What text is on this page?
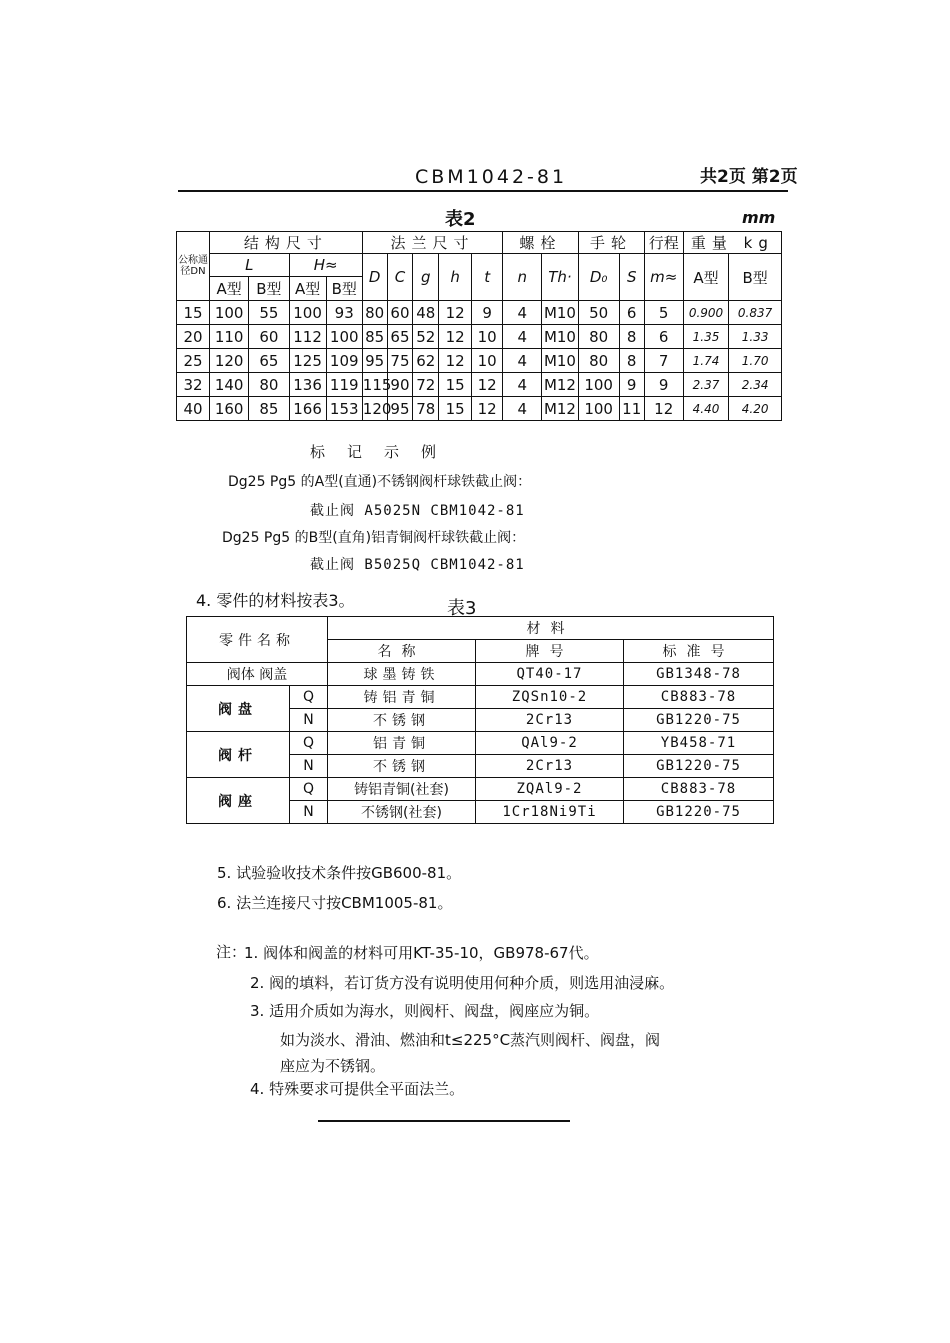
CBM1042-81	共2页 第2页
表2	mm
公称通径DN	结构尺寸				法兰尺寸					螺栓		手轮		行程	重量 kg	
	L		H≈		D	C	g	h	t	n	Th·	D₀	S	m≈	A型	B型
	A型	B型	A型	B型												
15	100	55	100	93	80	60	48	12	9	4	M10	50	6	5	0.900	0.837
20	110	60	112	100	85	65	52	12	10	4	M10	80	8	6	1.35	1.33
25	120	65	125	109	95	75	62	12	10	4	M10	80	8	7	1.74	1.70
32	140	80	136	119	115	90	72	15	12	4	M12	100	9	9	2.37	2.34
40	160	85	166	153	120	95	78	15	12	4	M12	100	11	12	4.40	4.20
标记示例
Dg25 Pg5 的A型(直通)不锈钢阀杆球铁截止阀：
截止阀 A5025N CBM1042-81
Dg25 Pg5 的B型(直角)铝青铜阀杆球铁截止阀：
截止阀 B5025Q CBM1042-81
4. 零件的材料按表3。	表3
零件名称		材料		
		名称	牌号	标准号
阀体 阀盖		球墨铸铁	QT40-17	GB1348-78
阀盘	Q	铸铝青铜	ZQSn10-2	CB883-78
	N	不锈钢	2Cr13	GB1220-75
阀杆	Q	铝青铜	QAl9-2	YB458-71
	N	不锈钢	2Cr13	GB1220-75
阀座	Q	铸铝青铜(社套)	ZQAl9-2	CB883-78
	N	不锈钢(社套)	1Cr18Ni9Ti	GB1220-75
5. 试验验收技术条件按GB600-81。
6. 法兰连接尺寸按CBM1005-81。
注：
1. 阀体和阀盖的材料可用KT-35-10，GB978-67代。
2. 阀的填料，若订货方没有说明使用何种介质，则选用油浸麻。
3. 适用介质如为海水，则阀杆、阀盘，阀座应为铜。
如为淡水、滑油、燃油和t≤225°C蒸汽则阀杆、阀盘，阀
座应为不锈钢。
4. 特殊要求可提供全平面法兰。
